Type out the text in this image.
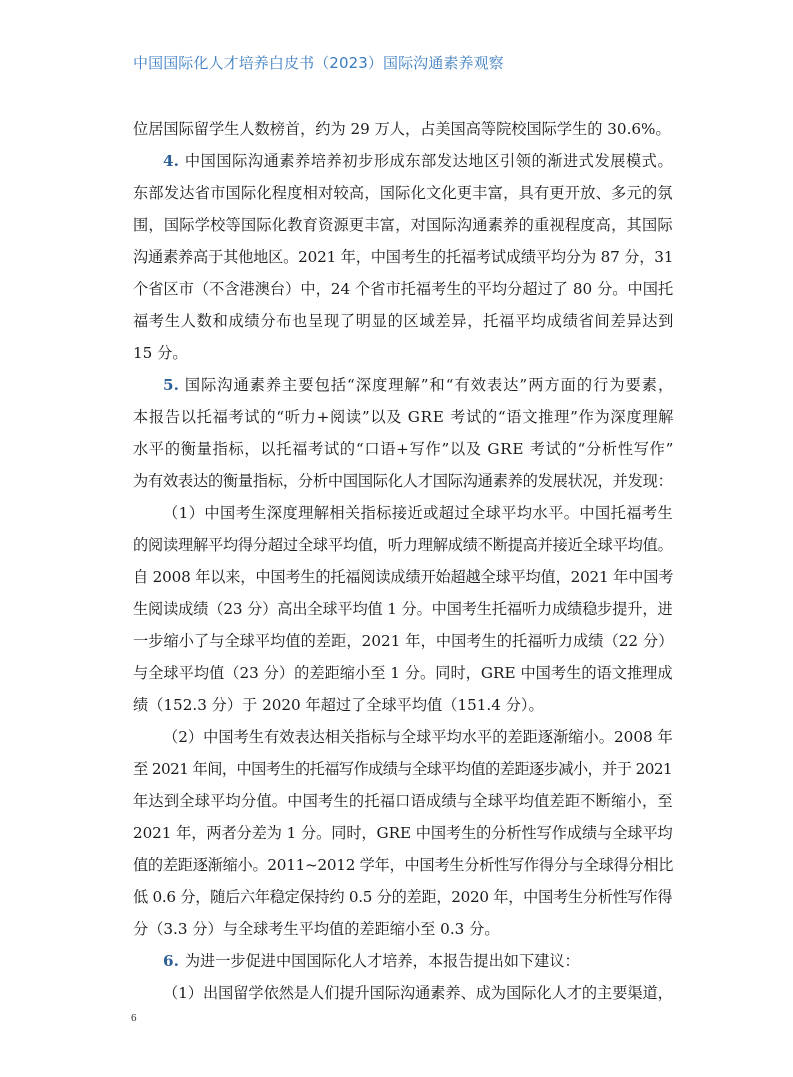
中国国际化人才培养白皮书（2023）国际沟通素养观察
位居国际留学生人数榜首，约为 29 万人，占美国高等院校国际学生的 30.6%。
4. 中国国际沟通素养培养初步形成东部发达地区引领的渐进式发展模式。
东部发达省市国际化程度相对较高，国际化文化更丰富，具有更开放、多元的氛
围，国际学校等国际化教育资源更丰富，对国际沟通素养的重视程度高，其国际
沟通素养高于其他地区。2021 年，中国考生的托福考试成绩平均分为 87 分，31
个省区市（不含港澳台）中，24 个省市托福考生的平均分超过了 80 分。中国托
福考生人数和成绩分布也呈现了明显的区域差异，托福平均成绩省间差异达到
15 分。
5. 国际沟通素养主要包括“深度理解”和“有效表达”两方面的行为要素，
本报告以托福考试的“听力+阅读”以及 GRE 考试的“语文推理”作为深度理解
水平的衡量指标，以托福考试的“口语+写作”以及 GRE 考试的“分析性写作”
为有效表达的衡量指标，分析中国国际化人才国际沟通素养的发展状况，并发现：
（1）中国考生深度理解相关指标接近或超过全球平均水平。中国托福考生
的阅读理解平均得分超过全球平均值，听力理解成绩不断提高并接近全球平均值。
自 2008 年以来，中国考生的托福阅读成绩开始超越全球平均值，2021 年中国考
生阅读成绩（23 分）高出全球平均值 1 分。中国考生托福听力成绩稳步提升，进
一步缩小了与全球平均值的差距，2021 年，中国考生的托福听力成绩（22 分）
与全球平均值（23 分）的差距缩小至 1 分。同时，GRE 中国考生的语文推理成
绩（152.3 分）于 2020 年超过了全球平均值（151.4 分）。
（2）中国考生有效表达相关指标与全球平均水平的差距逐渐缩小。2008 年
至 2021 年间，中国考生的托福写作成绩与全球平均值的差距逐步减小，并于 2021
年达到全球平均分值。中国考生的托福口语成绩与全球平均值差距不断缩小，至
2021 年，两者分差为 1 分。同时，GRE 中国考生的分析性写作成绩与全球平均
值的差距逐渐缩小。2011~2012 学年，中国考生分析性写作得分与全球得分相比
低 0.6 分，随后六年稳定保持约 0.5 分的差距，2020 年，中国考生分析性写作得
分（3.3 分）与全球考生平均值的差距缩小至 0.3 分。
6. 为进一步促进中国国际化人才培养，本报告提出如下建议：
（1）出国留学依然是人们提升国际沟通素养、成为国际化人才的主要渠道，
6
